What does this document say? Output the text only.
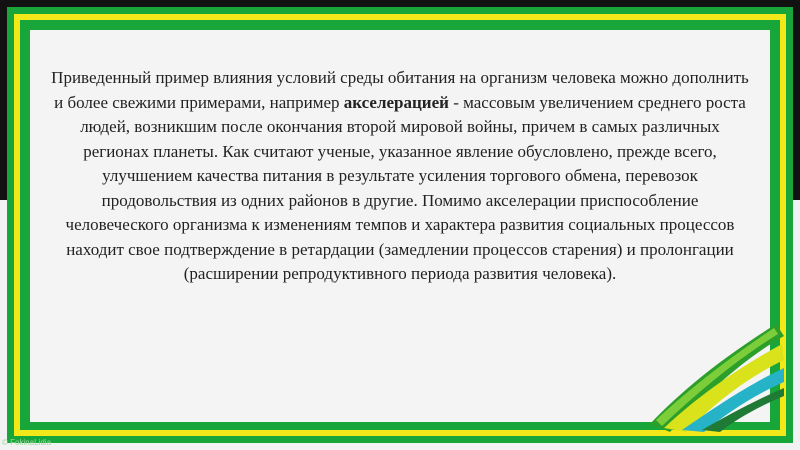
Приведенный пример влияния условий среды обитания на организм человека можно дополнить и более свежими примерами, например акселерацией - массовым увеличением среднего роста людей, возникшим после окончания второй мировой войны, причем в самых различных регионах планеты. Как считают ученые, указанное явление обусловлено, прежде всего, улучшением качества питания в результате усиления торгового обмена, перевозок продовольствия из одних районов в другие. Помимо акселерации приспособление человеческого организма к изменениям темпов и характера развития социальных процессов находит свое подтверждение в ретардации (замедлении процессов старения) и пролонгации (расширении репродуктивного периода развития человека).

© FokinaLidia
